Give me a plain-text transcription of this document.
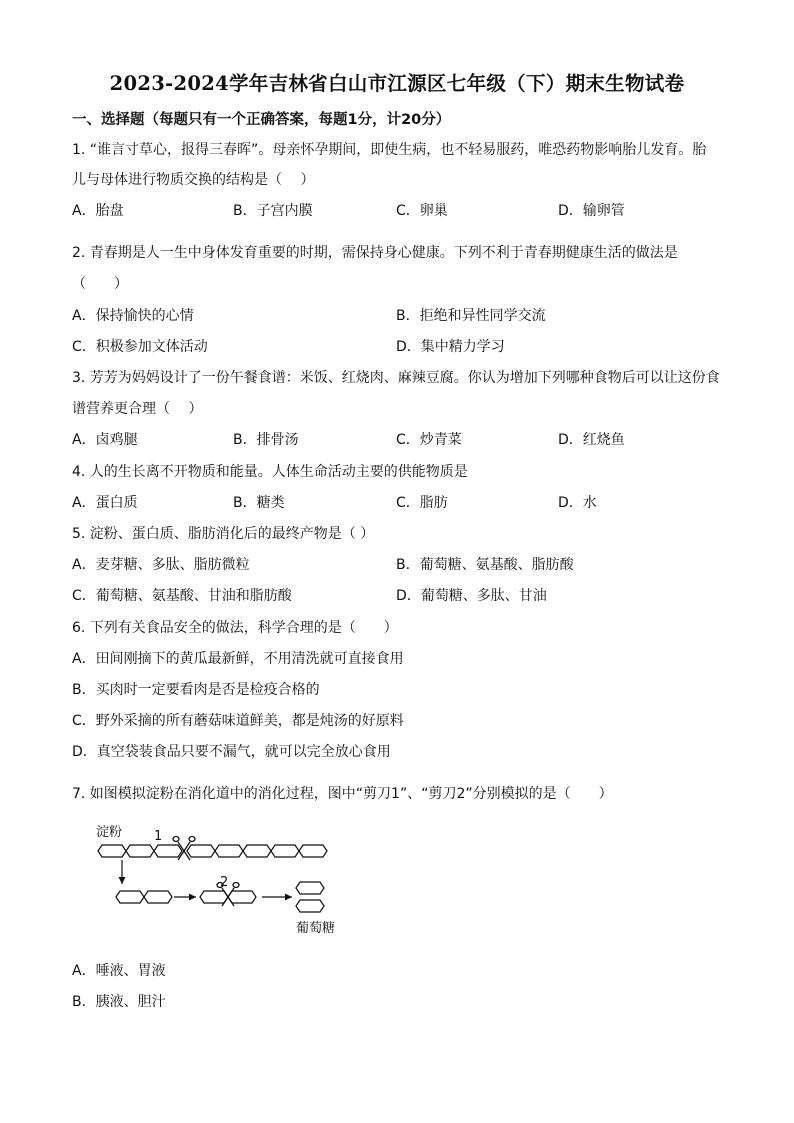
2023-2024学年吉林省白山市江源区七年级（下）期末生物试卷
一、选择题（每题只有一个正确答案，每题1分，计20分）
1. “谁言寸草心，报得三春晖”。母亲怀孕期间，即使生病，也不轻易服药，唯恐药物影响胎儿发育。胎
儿与母体进行物质交换的结构是（　 ）
A．胎盘	B．子宫内膜	C．卵巢	D．输卵管
2. 青春期是人一生中身体发育重要的时期，需保持身心健康。下列不利于青春期健康生活的做法是
（　　）
A．保持愉快的心情	B．拒绝和异性同学交流
C．积极参加文体活动	D．集中精力学习
3. 芳芳为妈妈设计了一份午餐食谱：米饭、红烧肉、麻辣豆腐。你认为增加下列哪种食物后可以让这份食
谱营养更合理（　 ）
A．卤鸡腿	B．排骨汤	C．炒青菜	D．红烧鱼
4. 人的生长离不开物质和能量。人体生命活动主要的供能物质是
A．蛋白质	B．糖类	C．脂肪	D．水
5. 淀粉、蛋白质、脂肪消化后的最终产物是（ ）
A．麦芽糖、多肽、脂肪微粒	B．葡萄糖、氨基酸、脂肪酸
C．葡萄糖、氨基酸、甘油和脂肪酸	D．葡萄糖、多肽、甘油
6. 下列有关食品安全的做法，科学合理的是（　　）
A．田间刚摘下的黄瓜最新鲜，不用清洗就可直接食用
B．买肉时一定要看肉是否是检疫合格的
C．野外采摘的所有蘑菇味道鲜美，都是炖汤的好原料
D．真空袋装食品只要不漏气，就可以完全放心食用
7. 如图模拟淀粉在消化道中的消化过程，图中“剪刀1”、“剪刀2”分别模拟的是（　　）
淀粉 1
2
葡萄糖
A．唾液、胃液
B．胰液、胆汁
